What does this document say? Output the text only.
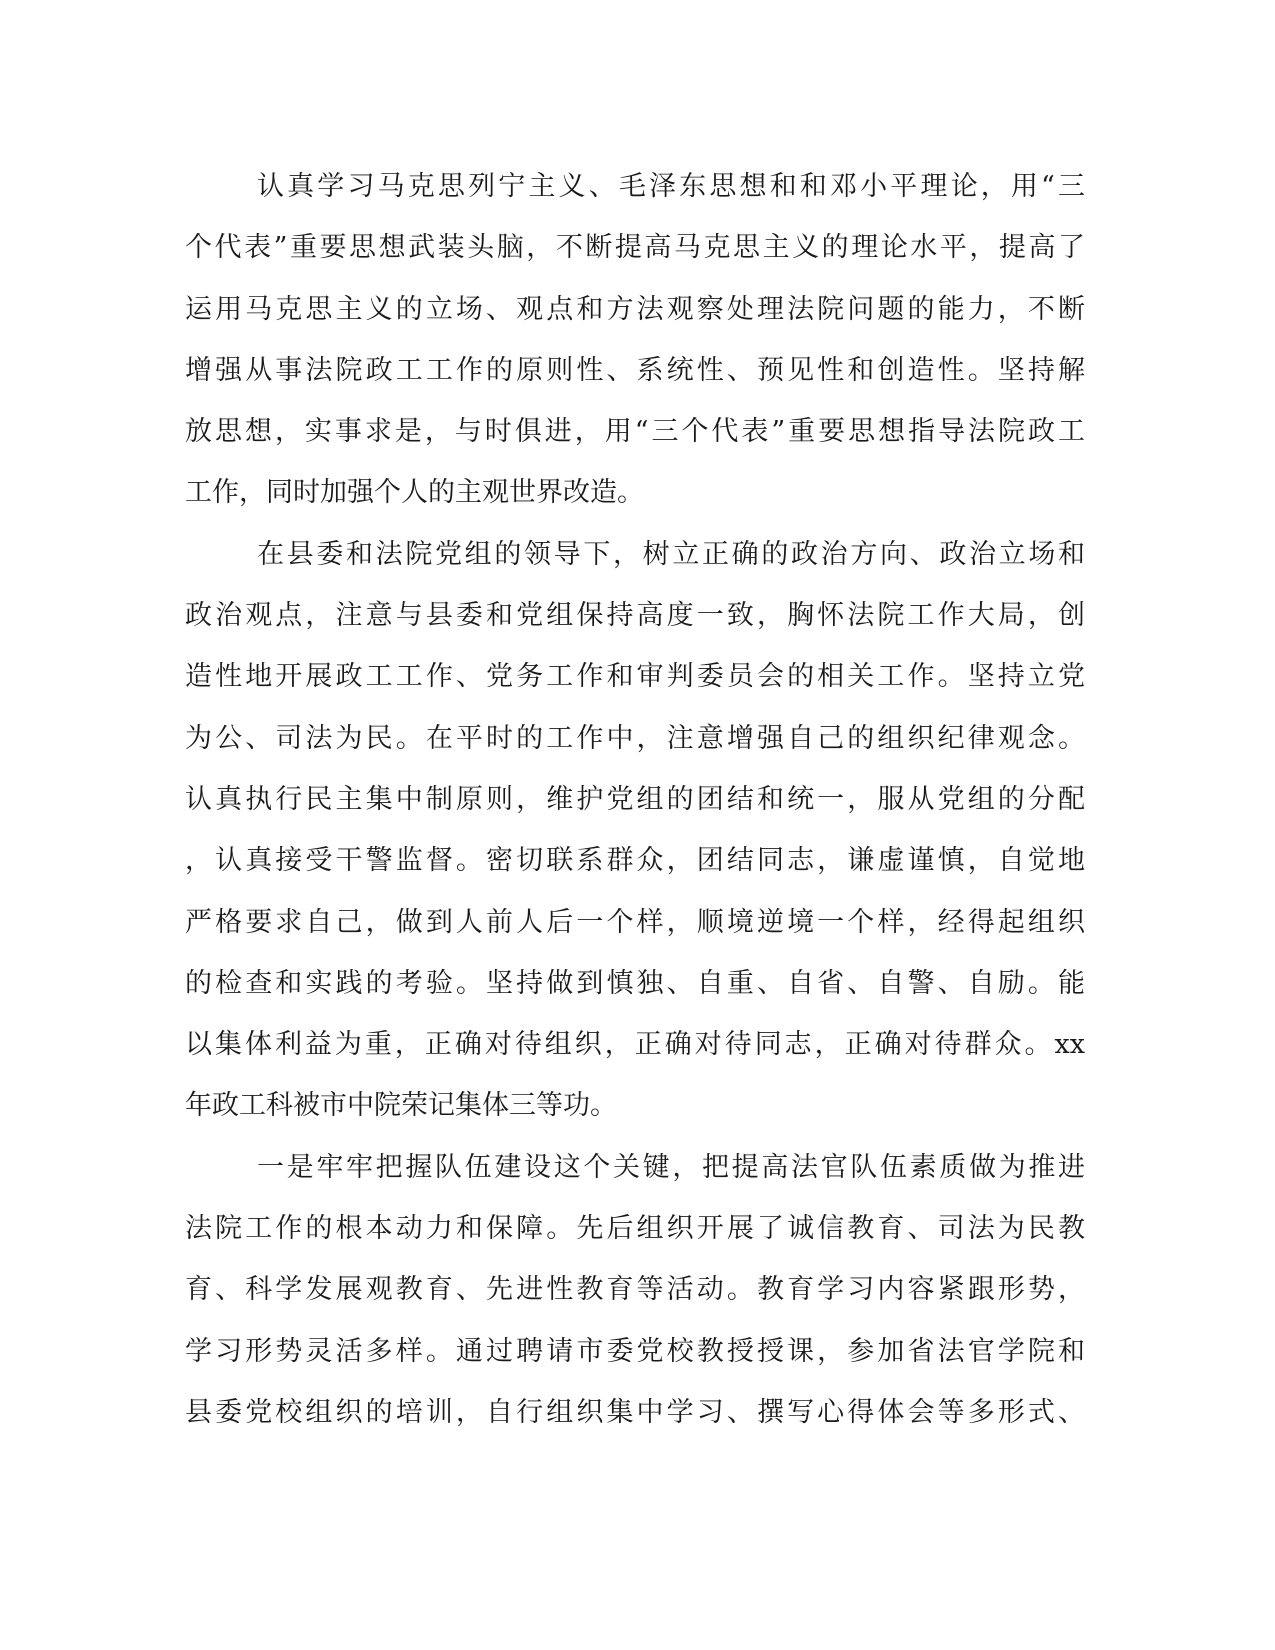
认真学习马克思列宁主义、毛泽东思想和和邓小平理论，用“三
个代表”重要思想武装头脑，不断提高马克思主义的理论水平，提高了
运用马克思主义的立场、观点和方法观察处理法院问题的能力，不断
增强从事法院政工工作的原则性、系统性、预见性和创造性。坚持解
放思想，实事求是，与时俱进，用“三个代表”重要思想指导法院政工
工作，同时加强个人的主观世界改造。
在县委和法院党组的领导下，树立正确的政治方向、政治立场和
政治观点，注意与县委和党组保持高度一致，胸怀法院工作大局，创
造性地开展政工工作、党务工作和审判委员会的相关工作。坚持立党
为公、司法为民。在平时的工作中，注意增强自己的组织纪律观念。
认真执行民主集中制原则，维护党组的团结和统一，服从党组的分配
，认真接受干警监督。密切联系群众，团结同志，谦虚谨慎，自觉地
严格要求自己，做到人前人后一个样，顺境逆境一个样，经得起组织
的检查和实践的考验。坚持做到慎独、自重、自省、自警、自励。能
以集体利益为重，正确对待组织，正确对待同志，正确对待群众。xx
年政工科被市中院荣记集体三等功。
一是牢牢把握队伍建设这个关键，把提高法官队伍素质做为推进
法院工作的根本动力和保障。先后组织开展了诚信教育、司法为民教
育、科学发展观教育、先进性教育等活动。教育学习内容紧跟形势，
学习形势灵活多样。通过聘请市委党校教授授课，参加省法官学院和
县委党校组织的培训，自行组织集中学习、撰写心得体会等多形式、
